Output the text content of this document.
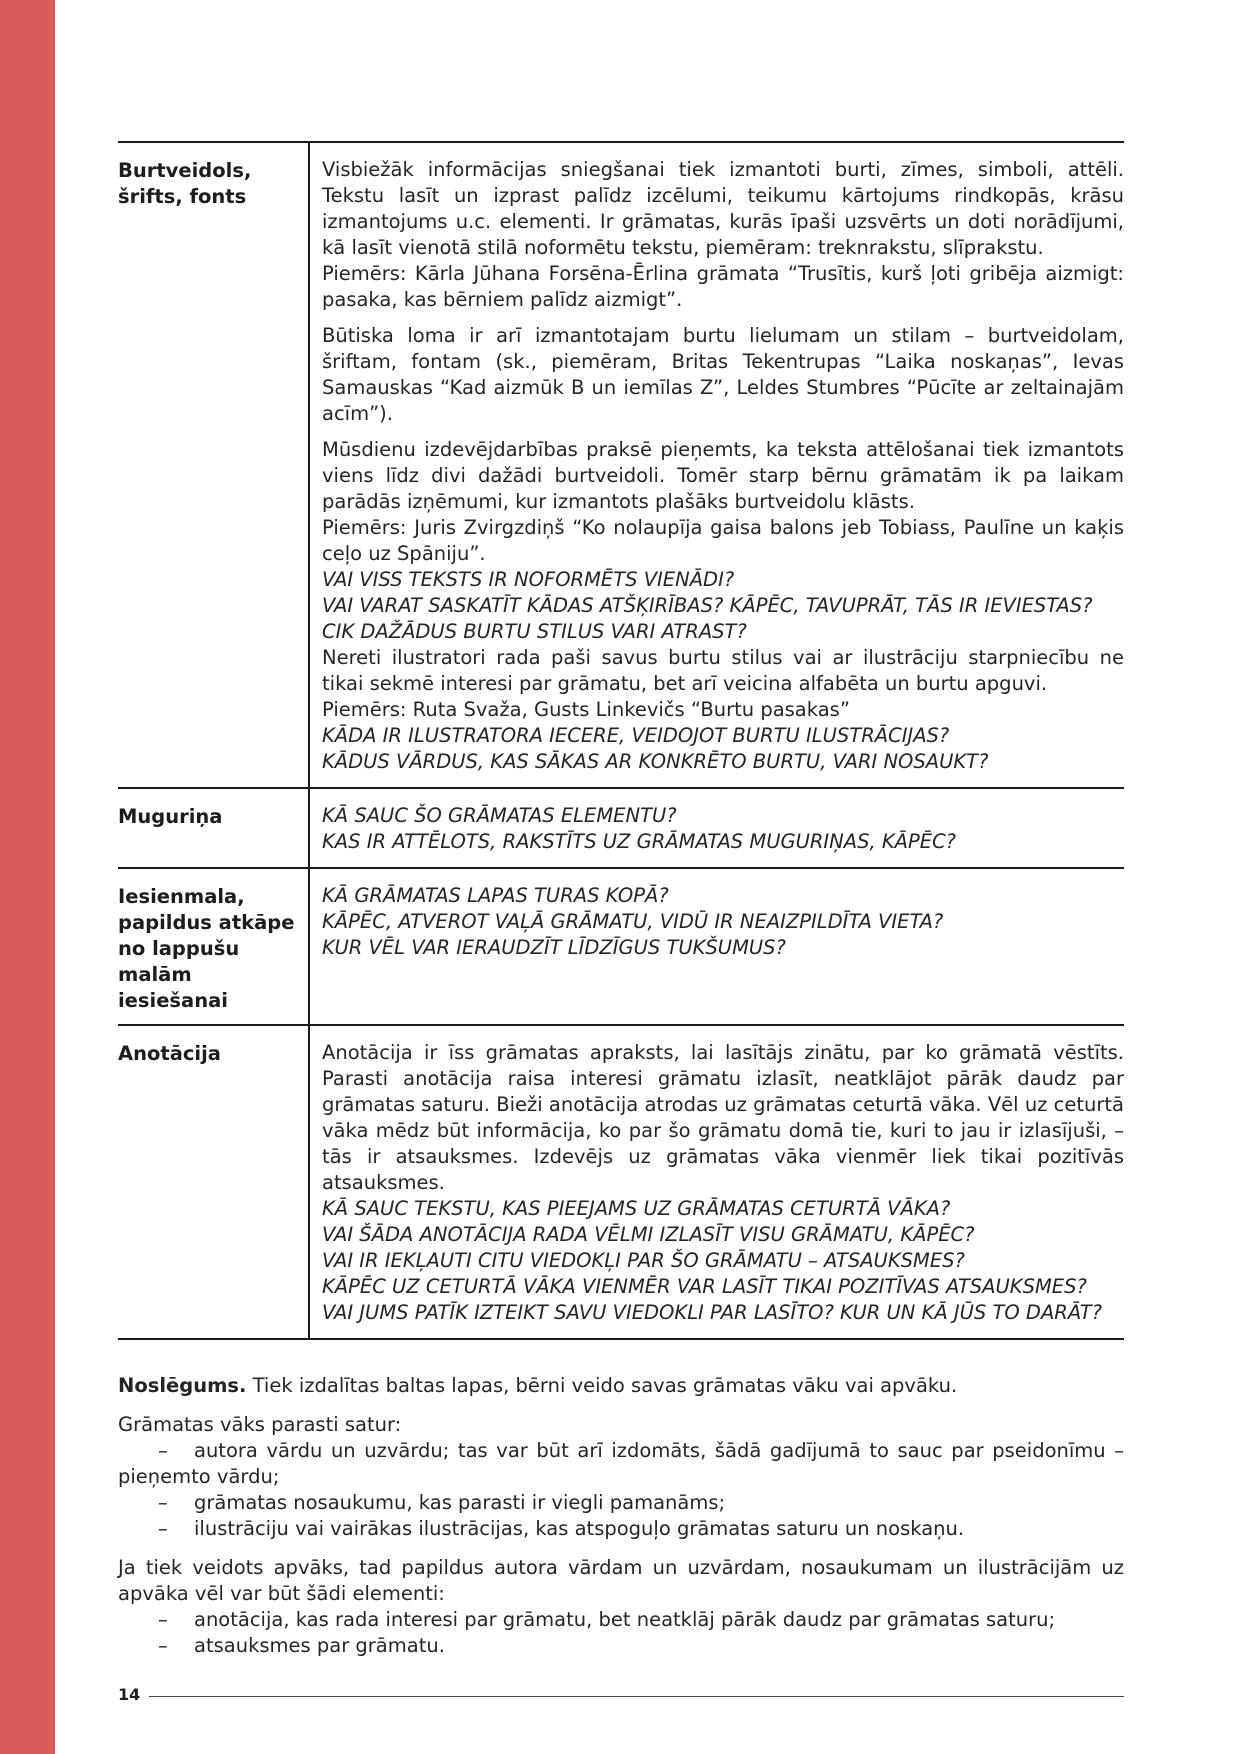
Burtveidols,
šrifts, fonts
Visbiežāk informācijas sniegšanai tiek izmantoti burti, zīmes, simboli, attēli. Tekstu lasīt un izprast palīdz izcēlumi, teikumu kārtojums rindkopās, krāsu izmantojums u.c. elementi. Ir grāmatas, kurās īpaši uzsvērts un doti norādījumi, kā lasīt vienotā stilā noformētu tekstu, piemēram: treknrakstu, slīprakstu.
Piemērs: Kārla Jūhana Forsēna-Ērlina grāmata “Trusītis, kurš ļoti gribēja aizmigt: pasaka, kas bērniem palīdz aizmigt”.
Būtiska loma ir arī izmantotajam burtu lielumam un stilam – burtveidolam, šriftam, fontam (sk., piemēram, Britas Tekentrupas “Laika noskaņas”, Ievas Samauskas “Kad aizmūk B un iemīlas Z”, Leldes Stumbres “Pūcīte ar zeltainajām acīm”).
Mūsdienu izdevējdarbības praksē pieņemts, ka teksta attēlošanai tiek izmantots viens līdz divi dažādi burtveidoli. Tomēr starp bērnu grāmatām ik pa laikam parādās izņēmumi, kur izmantots plašāks burtveidolu klāsts.
Piemērs: Juris Zvirgzdiņš “Ko nolaupīja gaisa balons jeb Tobiass, Paulīne un kaķis ceļo uz Spāniju”.
VAI VISS TEKSTS IR NOFORMĒTS VIENĀDI?
VAI VARAT SASKATĪT KĀDAS ATŠĶIRĪBAS? KĀPĒC, TAVUPRĀT, TĀS IR IEVIESTAS?
CIK DAŽĀDUS BURTU STILUS VARI ATRAST?
Nereti ilustratori rada paši savus burtu stilus vai ar ilustrāciju starpniecību ne tikai sekmē interesi par grāmatu, bet arī veicina alfabēta un burtu apguvi.
Piemērs: Ruta Svaža, Gusts Linkevičs “Burtu pasakas”
KĀDA IR ILUSTRATORA IECERE, VEIDOJOT BURTU ILUSTRĀCIJAS?
KĀDUS VĀRDUS, KAS SĀKAS AR KONKRĒTO BURTU, VARI NOSAUKT?
Muguriņa	KĀ SAUC ŠO GRĀMATAS ELEMENTU?
KAS IR ATTĒLOTS, RAKSTĪTS UZ GRĀMATAS MUGURIŅAS, KĀPĒC?
Iesienmala,
papildus atkāpe
no lappušu
malām
iesiešanai
KĀ GRĀMATAS LAPAS TURAS KOPĀ?
KĀPĒC, ATVEROT VAĻĀ GRĀMATU, VIDŪ IR NEAIZPILDĪTA VIETA?
KUR VĒL VAR IERAUDZĪT LĪDZĪGUS TUKŠUMUS?
Anotācija	Anotācija ir īss grāmatas apraksts, lai lasītājs zinātu, par ko grāmatā vēstīts. Parasti anotācija raisa interesi grāmatu izlasīt, neatklājot pārāk daudz par grāmatas saturu. Bieži anotācija atrodas uz grāmatas ceturtā vāka. Vēl uz ceturtā vāka mēdz būt informācija, ko par šo grāmatu domā tie, kuri to jau ir izlasījuši, – tās ir atsauksmes. Izdevējs uz grāmatas vāka vienmēr liek tikai pozitīvās atsauksmes.
KĀ SAUC TEKSTU, KAS PIEEJAMS UZ GRĀMATAS CETURTĀ VĀKA?
VAI ŠĀDA ANOTĀCIJA RADA VĒLMI IZLASĪT VISU GRĀMATU, KĀPĒC?
VAI IR IEKĻAUTI CITU VIEDOKĻI PAR ŠO GRĀMATU – ATSAUKSMES?
KĀPĒC UZ CETURTĀ VĀKA VIENMĒR VAR LASĪT TIKAI POZITĪVAS ATSAUKSMES?
VAI JUMS PATĪK IZTEIKT SAVU VIEDOKLI PAR LASĪTO? KUR UN KĀ JŪS TO DARĀT?

Noslēgums. Tiek izdalītas baltas lapas, bērni veido savas grāmatas vāku vai apvāku.

Grāmatas vāks parasti satur:

– autora vārdu un uzvārdu; tas var būt arī izdomāts, šādā gadījumā to sauc par pseidonīmu – pieņemto vārdu;
– grāmatas nosaukumu, kas parasti ir viegli pamanāms;
– ilustrāciju vai vairākas ilustrācijas, kas atspoguļo grāmatas saturu un noskaņu.

Ja tiek veidots apvāks, tad papildus autora vārdam un uzvārdam, nosaukumam un ilustrācijām uz apvāka vēl var būt šādi elementi:

– anotācija, kas rada interesi par grāmatu, bet neatklāj pārāk daudz par grāmatas saturu;
– atsauksmes par grāmatu.
14
